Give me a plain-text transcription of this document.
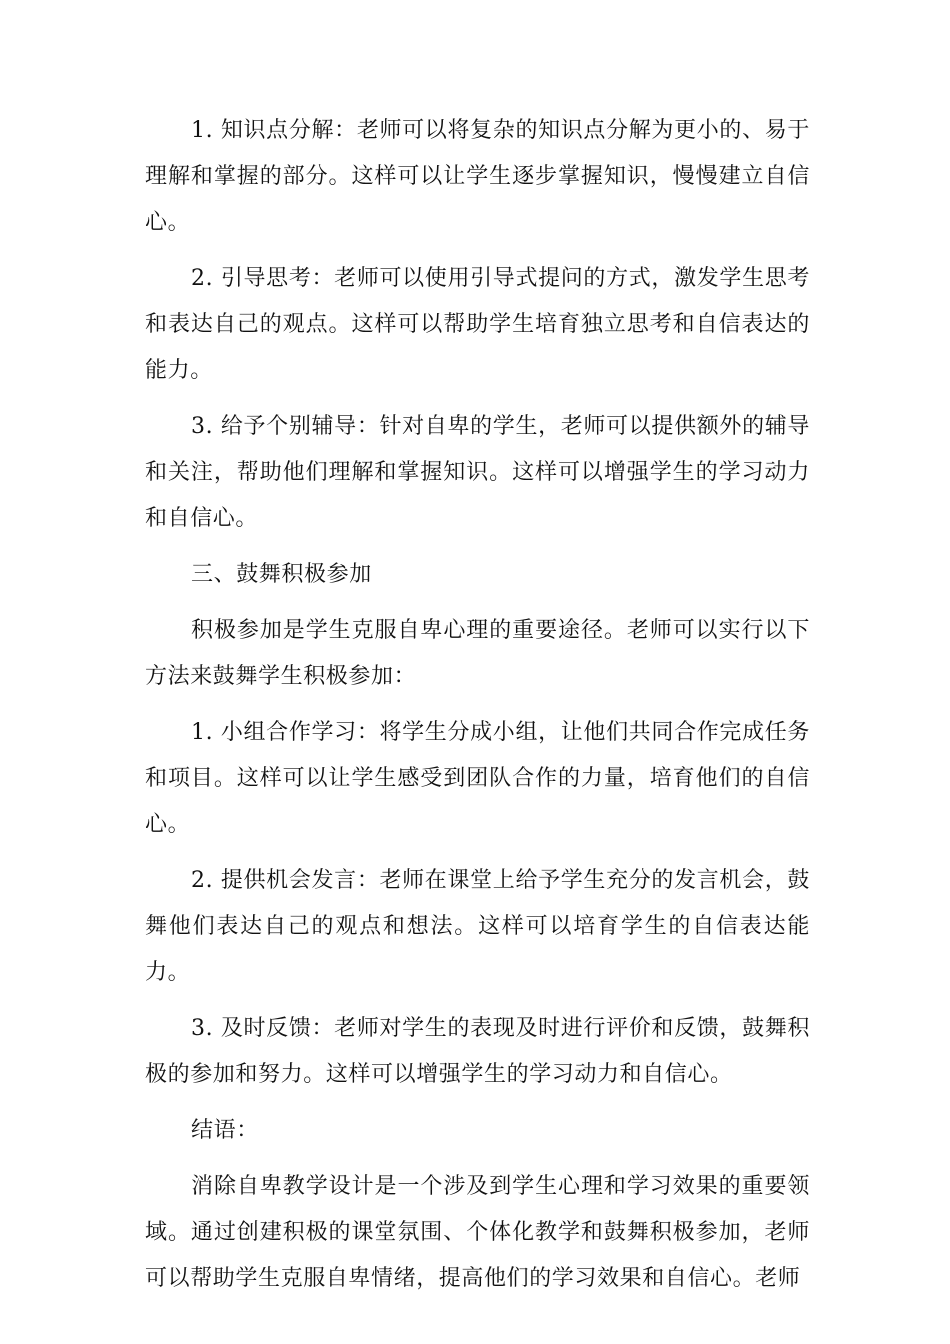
1. 知识点分解：老师可以将复杂的知识点分解为更小的、易于理解和掌握的部分。这样可以让学生逐步掌握知识，慢慢建立自信心。

2. 引导思考：老师可以使用引导式提问的方式，激发学生思考和表达自己的观点。这样可以帮助学生培育独立思考和自信表达的能力。

3. 给予个别辅导：针对自卑的学生，老师可以提供额外的辅导和关注，帮助他们理解和掌握知识。这样可以增强学生的学习动力和自信心。

三、鼓舞积极参加

积极参加是学生克服自卑心理的重要途径。老师可以实行以下方法来鼓舞学生积极参加：

1. 小组合作学习：将学生分成小组，让他们共同合作完成任务和项目。这样可以让学生感受到团队合作的力量，培育他们的自信心。

2. 提供机会发言：老师在课堂上给予学生充分的发言机会，鼓舞他们表达自己的观点和想法。这样可以培育学生的自信表达能力。

3. 及时反馈：老师对学生的表现及时进行评价和反馈，鼓舞积极的参加和努力。这样可以增强学生的学习动力和自信心。

结语：

消除自卑教学设计是一个涉及到学生心理和学习效果的重要领域。通过创建积极的课堂氛围、个体化教学和鼓舞积极参加，老师可以帮助学生克服自卑情绪，提高他们的学习效果和自信心。老师
